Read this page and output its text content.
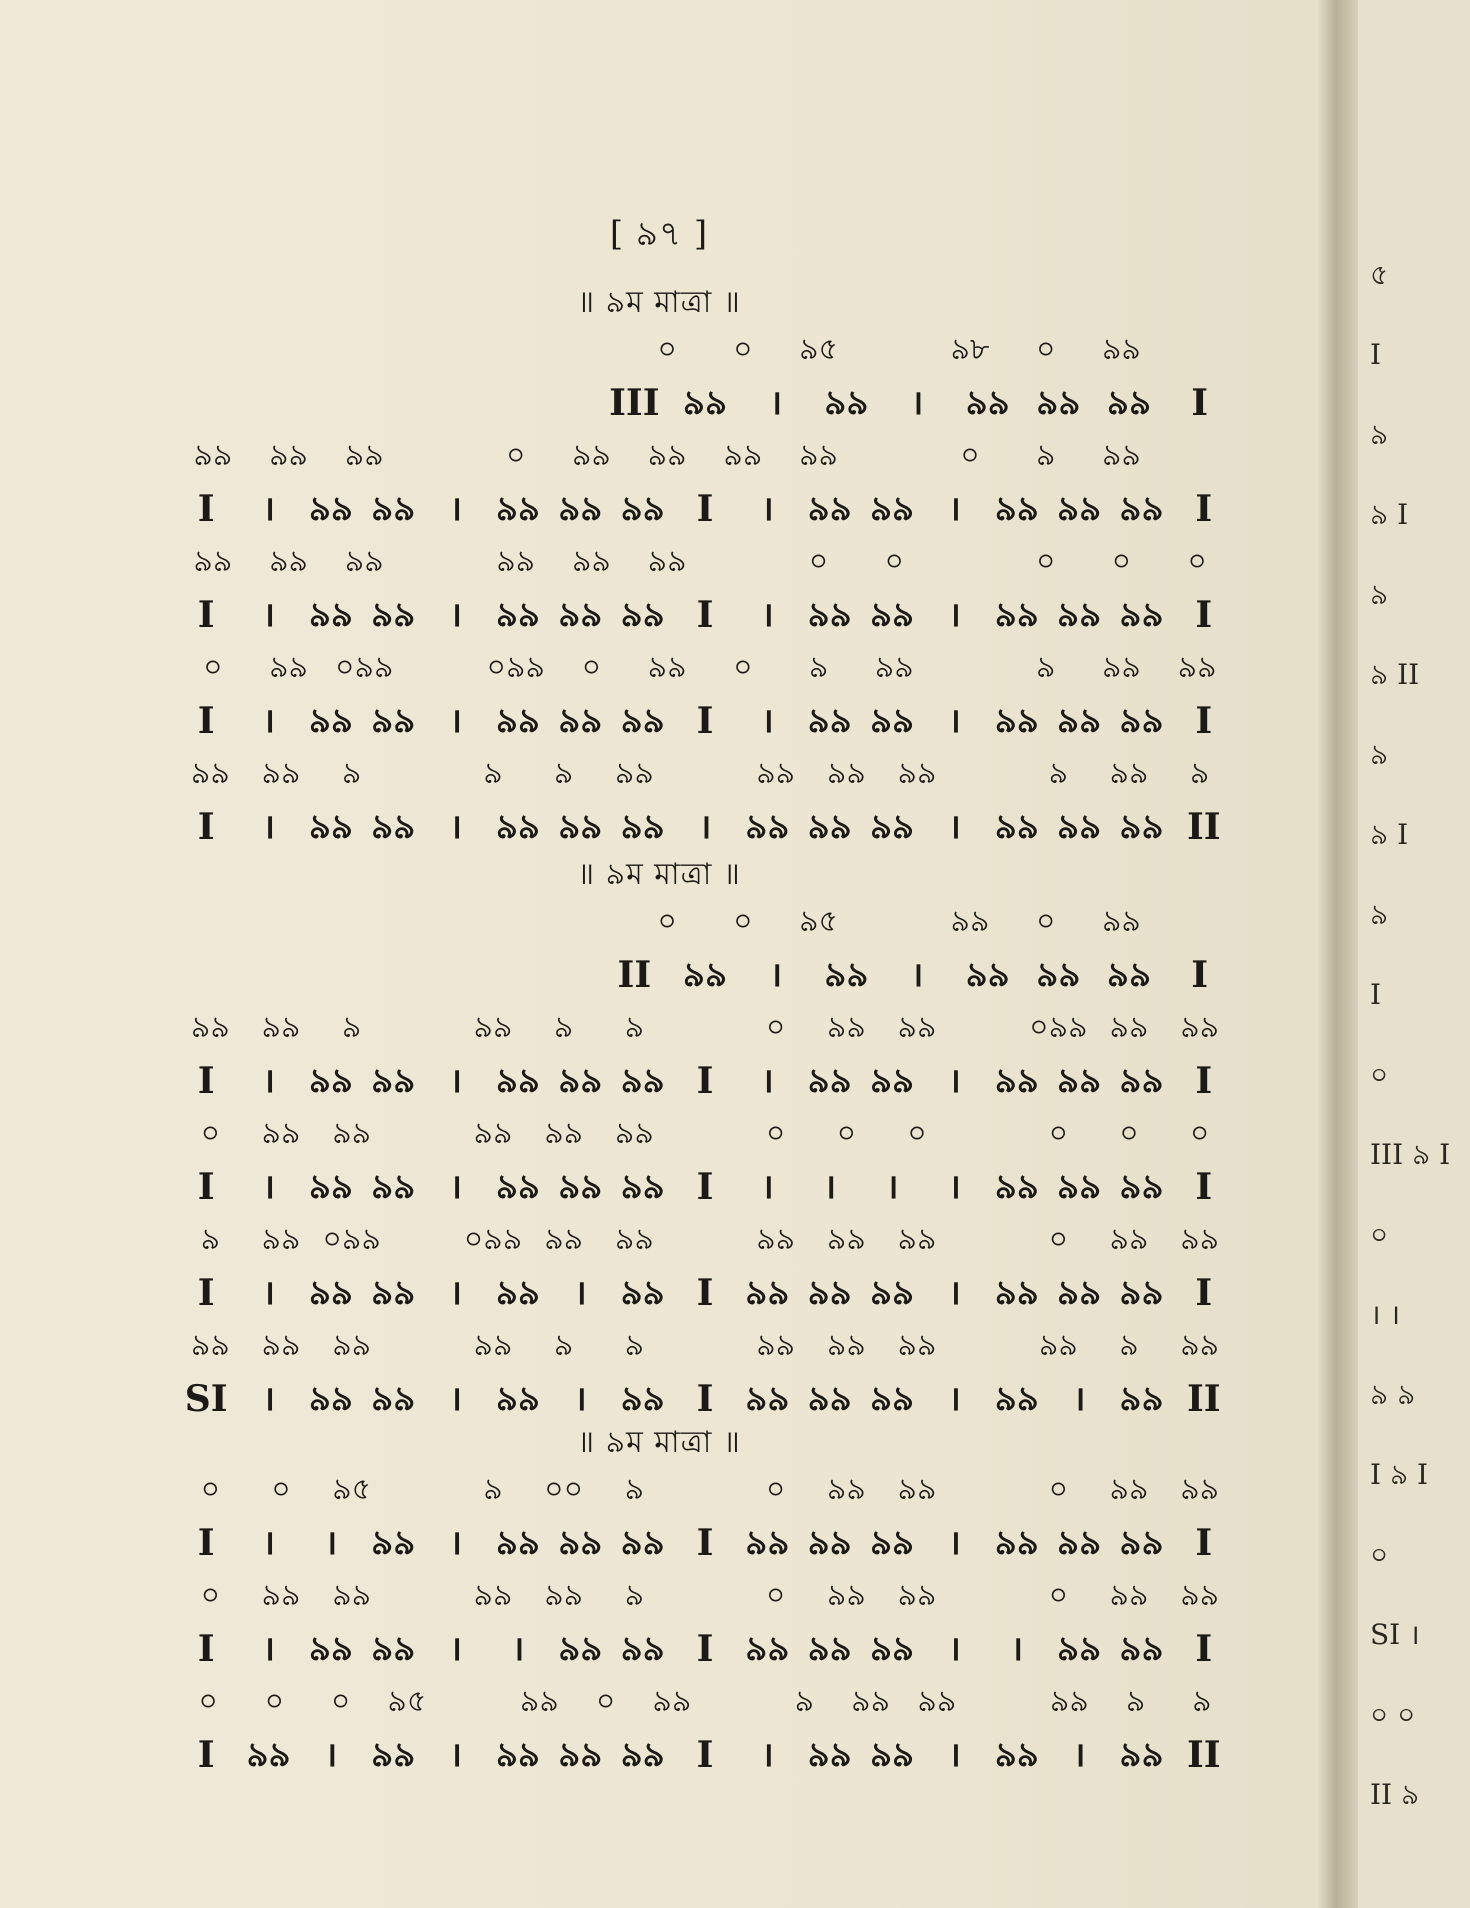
[ ৯৭ ]
॥ ৯ম মাত্রা ॥
০	০	৯৫	৯৮	০	৯৯
III ৯৯	।	৯৯	।	৯৯ ৯৯ ৯৯	I
৯৯	৯৯	৯৯	০	৯৯	৯৯	৯৯	৯৯	০	৯	৯৯
I	। ৯৯ ৯৯ । ৯৯ ৯৯ ৯৯ I	। ৯৯ ৯৯ । ৯৯ ৯৯ ৯৯ I
৯৯	৯৯	৯৯	৯৯	৯৯	৯৯	০	০	০	০	০
I	। ৯৯ ৯৯ । ৯৯ ৯৯ ৯৯ I	। ৯৯ ৯৯ । ৯৯ ৯৯ ৯৯ I
০	৯৯ ০৯৯	০৯৯	০	৯৯	০	৯	৯৯	৯	৯৯	৯৯
I	। ৯৯ ৯৯ । ৯৯ ৯৯ ৯৯ I	। ৯৯ ৯৯ । ৯৯ ৯৯ ৯৯ I
৯৯	৯৯	৯	৯	৯	৯৯	৯৯	৯৯	৯৯	৯	৯৯	৯
I	। ৯৯ ৯৯ । ৯৯ ৯৯ ৯৯ । ৯৯ ৯৯ ৯৯ । ৯৯ ৯৯ ৯৯ II
॥ ৯ম মাত্রা ॥
০	০	৯৫	৯৯	০	৯৯
II ৯৯	।	৯৯	।	৯৯ ৯৯ ৯৯	I
৯৯	৯৯	৯	৯৯	৯	৯	০	৯৯	৯৯	০৯৯ ৯৯	৯৯
I	। ৯৯ ৯৯ । ৯৯ ৯৯ ৯৯ I	। ৯৯ ৯৯ । ৯৯ ৯৯ ৯৯ I
০	৯৯	৯৯	৯৯	৯৯	৯৯	০	০	০	০	০	০
I	। ৯৯ ৯৯ । ৯৯ ৯৯ ৯৯ I	।	।	।	। ৯৯ ৯৯ ৯৯ I
৯	৯৯ ০৯৯	০৯৯ ৯৯	৯৯	৯৯	৯৯	৯৯	০	৯৯	৯৯
I	। ৯৯ ৯৯ । ৯৯ । ৯৯ I ৯৯ ৯৯ ৯৯ । ৯৯ ৯৯ ৯৯ I
৯৯	৯৯	৯৯	৯৯	৯	৯	৯৯	৯৯	৯৯	৯৯	৯	৯৯
SI	। ৯৯ ৯৯ । ৯৯ । ৯৯ I ৯৯ ৯৯ ৯৯ । ৯৯ । ৯৯ II
॥ ৯ম মাত্রা ॥
০	০	৯৫	৯	০০	৯	০	৯৯	৯৯	০	৯৯	৯৯
I	।	। ৯৯ । ৯৯ ৯৯ ৯৯ I ৯৯ ৯৯ ৯৯ । ৯৯ ৯৯ ৯৯ I
০	৯৯	৯৯	৯৯	৯৯	৯	০	৯৯	৯৯	০	৯৯	৯৯
I	। ৯৯ ৯৯ ।	। ৯৯ ৯৯ I ৯৯ ৯৯ ৯৯ ।	। ৯৯ ৯৯ I
০	০	০	৯৫	৯৯	০	৯৯	৯	৯৯ ৯৯	৯৯	৯	৯
I ৯৯ । ৯৯ । ৯৯ ৯৯ ৯৯ I	। ৯৯ ৯৯ । ৯৯ । ৯৯ II
৫
I
৯
৯ I
৯
৯ II
৯
৯ I
৯
I
০
III ৯ I
০
। ।
৯ ৯
I ৯ I
০
SI ।
০ ০
II ৯
